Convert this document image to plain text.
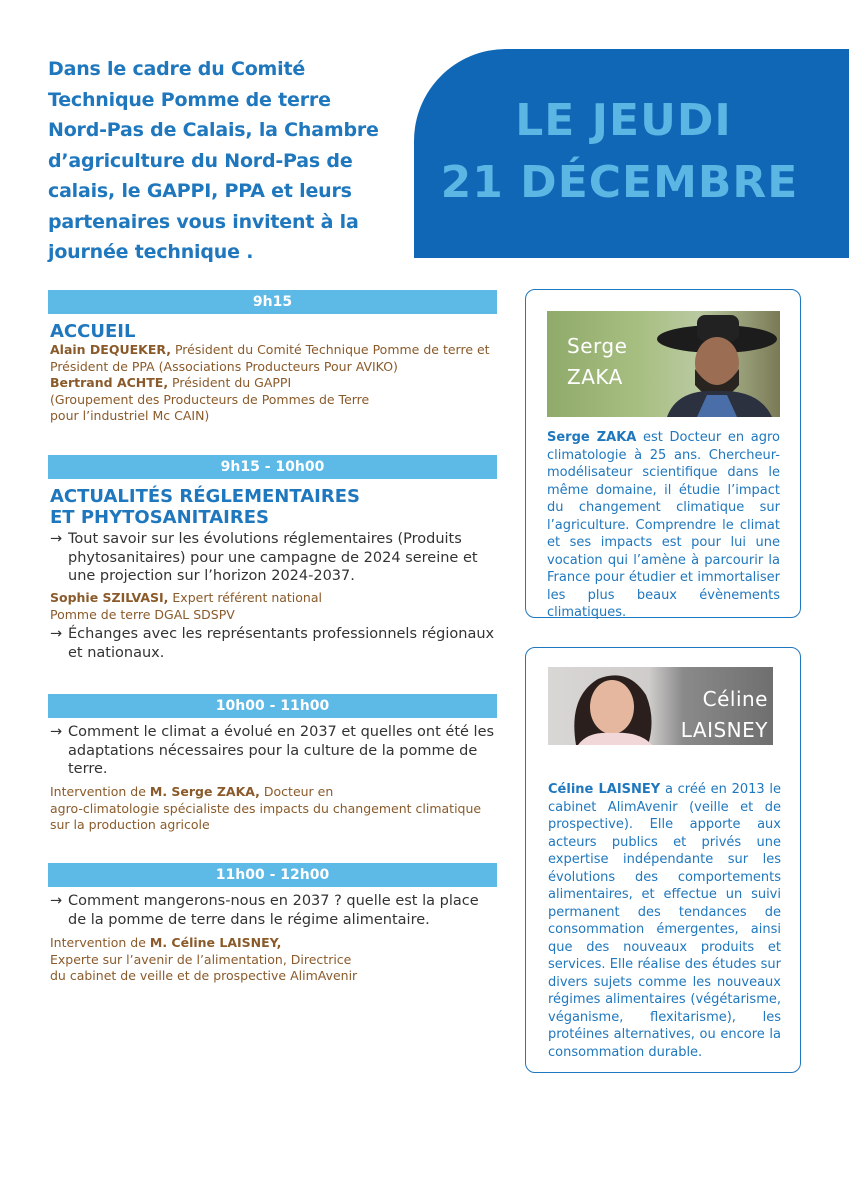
Dans le cadre du Comité
Technique Pomme de terre
Nord-Pas de Calais, la Chambre
d’agriculture du Nord-Pas de
calais, le GAPPI, PPA et leurs
partenaires vous invitent à la
journée technique .
LE JEUDI
21 DÉCEMBRE
9h15
ACCUEIL
Alain DEQUEKER, Président du Comité Technique Pomme de terre et
Président de PPA (Associations Producteurs Pour AVIKO)
Bertrand ACHTE, Président du GAPPI
(Groupement des Producteurs de Pommes de Terre
pour l’industriel Mc CAIN)
9h15 - 10h00
ACTUALITÉS RÉGLEMENTAIRES
ET PHYTOSANITAIRES
→ Tout savoir sur les évolutions réglementaires (Produits phytosanitaires) pour une campagne de 2024 sereine et une projection sur l’horizon 2024-2037.
Sophie SZILVASI, Expert référent national
Pomme de terre DGAL SDSPV
→ Échanges avec les représentants professionnels régionaux et nationaux.
10h00 - 11h00
→ Comment le climat a évolué en 2037 et quelles ont été les adaptations nécessaires pour la culture de la pomme de terre.
Intervention de M. Serge ZAKA, Docteur en
agro-climatologie spécialiste des impacts du changement climatique
sur la production agricole
11h00 - 12h00
→ Comment mangerons-nous en 2037 ? quelle est la place de la pomme de terre dans le régime alimentaire.
Intervention de M. Céline LAISNEY,
Experte sur l’avenir de l’alimentation, Directrice
du cabinet de veille et de prospective AlimAvenir
Serge
ZAKA
Serge ZAKA est Docteur en agro climatologie à 25 ans. Chercheur-modélisateur scientifique dans le même domaine, il étudie l’impact du changement climatique sur l’agriculture. Comprendre le climat et ses impacts est pour lui une vocation qui l’amène à parcourir la France pour étudier et immortaliser les plus beaux évènements climatiques.
Céline
LAISNEY
Céline LAISNEY a créé en 2013 le cabinet AlimAvenir (veille et de prospective). Elle apporte aux acteurs publics et privés une expertise indépendante sur les évolutions des comportements alimentaires, et effectue un suivi permanent des tendances de consommation émergentes, ainsi que des nouveaux produits et services. Elle réalise des études sur divers sujets comme les nouveaux régimes alimentaires (végétarisme, véganisme, flexitarisme), les protéines alternatives, ou encore la consommation durable.
